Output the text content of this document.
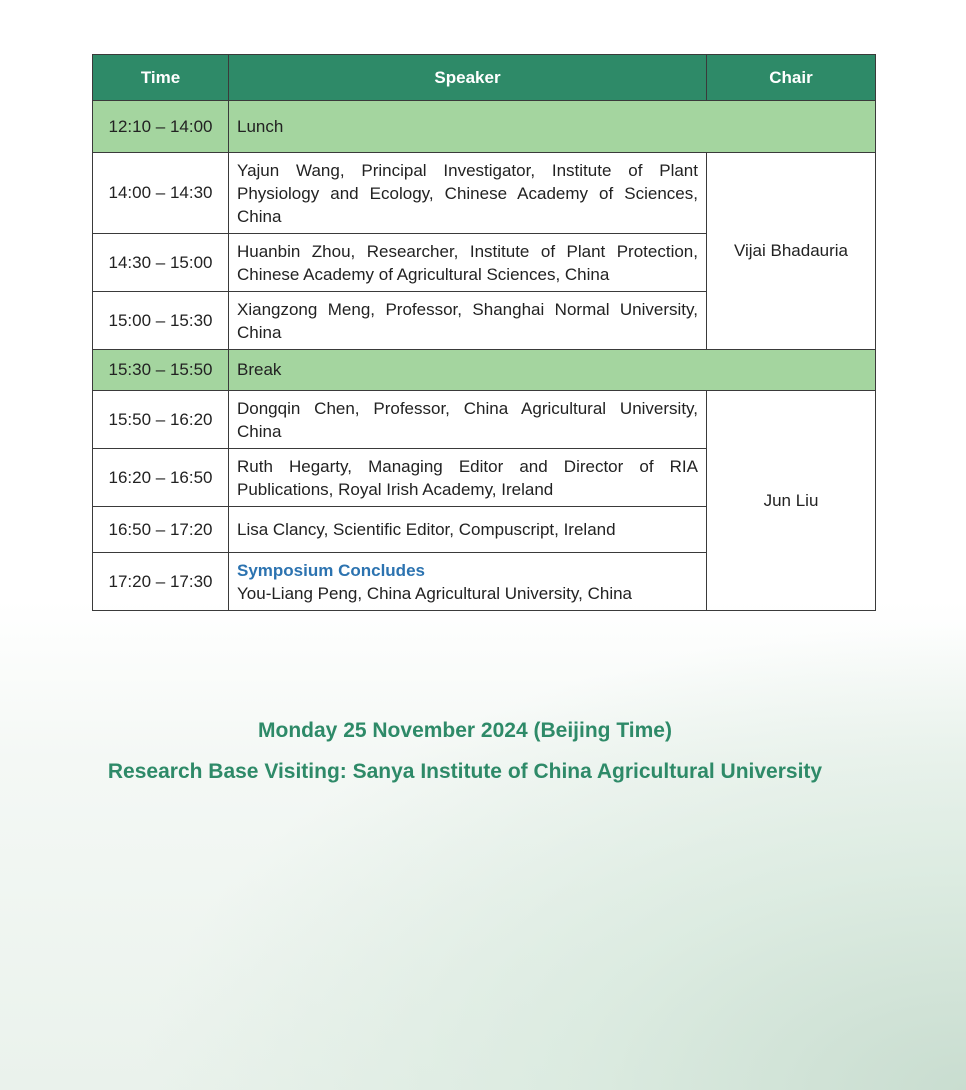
Time	Speaker	Chair
12:10 – 14:00	Lunch	
14:00 – 14:30	Yajun Wang, Principal Investigator, Institute of Plant Physiology and Ecology, Chinese Academy of Sciences, China	Vijai Bhadauria
14:30 – 15:00	Huanbin Zhou, Researcher, Institute of Plant Protection, Chinese Academy of Agricultural Sciences, China	
15:00 – 15:30	Xiangzong Meng, Professor, Shanghai Normal University, China	
15:30 – 15:50	Break	
15:50 – 16:20	Dongqin Chen, Professor, China Agricultural University, China	Jun Liu
16:20 – 16:50	Ruth Hegarty, Managing Editor and Director of RIA Publications, Royal Irish Academy, Ireland	
16:50 – 17:20	Lisa Clancy, Scientific Editor, Compuscript, Ireland	
17:20 – 17:30	Symposium Concludes
You-Liang Peng, China Agricultural University, China	
Monday 25 November 2024 (Beijing Time)
Research Base Visiting: Sanya Institute of China Agricultural University
